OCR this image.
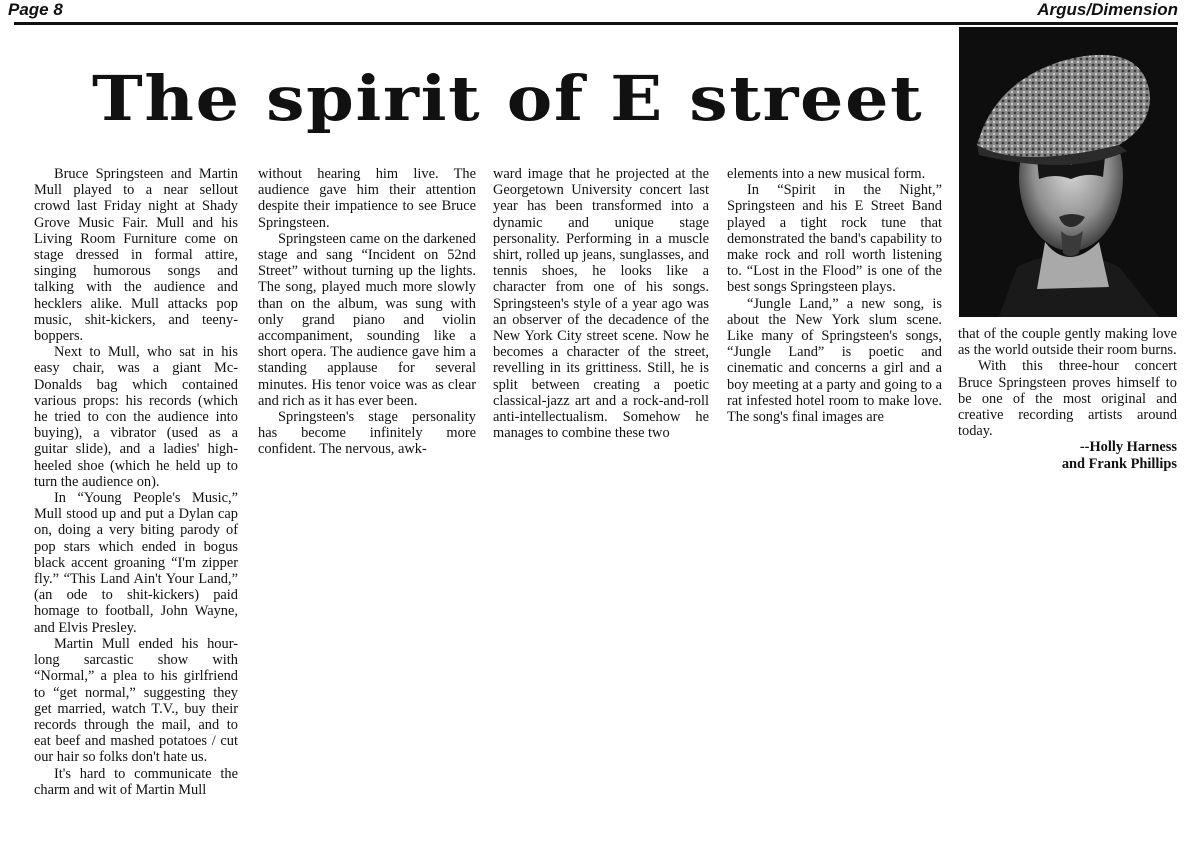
Page 8	Argus/Dimension
The spirit of E street

Bruce Springsteen and Martin Mull played to a near sellout crowd last Friday night at Shady Grove Music Fair. Mull and his Living Room Furniture come on stage dressed in formal attire, singing humorous songs and talking with the audience and hecklers alike. Mull attacks pop music, shit-kickers, and teeny-boppers.

Next to Mull, who sat in his easy chair, was a giant Mc-Donalds bag which contained various props: his records (which he tried to con the audience into buying), a vibrator (used as a guitar slide), and a ladies' high-heeled shoe (which he held up to turn the audience on).

In “Young People's Music,” Mull stood up and put a Dylan cap on, doing a very biting parody of pop stars which ended in bogus black accent groaning “I'm zipper fly.” “This Land Ain't Your Land,” (an ode to shit-kickers) paid homage to football, John Wayne, and Elvis Presley.

Martin Mull ended his hour-long sarcastic show with “Normal,” a plea to his girlfriend to “get normal,” suggesting they get married, watch T.V., buy their records through the mail, and to eat beef and mashed potatoes / cut our hair so folks don't hate us.

It's hard to communicate the charm and wit of Martin Mull

without hearing him live. The audience gave him their attention despite their impatience to see Bruce Springsteen.

Springsteen came on the darkened stage and sang “Incident on 52nd Street” without turning up the lights. The song, played much more slowly than on the album, was sung with only grand piano and violin accompaniment, sounding like a short opera. The audience gave him a standing applause for several minutes. His tenor voice was as clear and rich as it has ever been.

Springsteen's stage personality has become infinitely more confident. The nervous, awk-

ward image that he projected at the Georgetown University concert last year has been transformed into a dynamic and unique stage personality. Performing in a muscle shirt, rolled up jeans, sunglasses, and tennis shoes, he looks like a character from one of his songs. Springsteen's style of a year ago was an observer of the decadence of the New York City street scene. Now he becomes a character of the street, revelling in its grittiness. Still, he is split between creating a poetic classical-jazz art and a rock-and-roll anti-intellectualism. Somehow he manages to combine these two

elements into a new musical form.

In “Spirit in the Night,” Springsteen and his E Street Band played a tight rock tune that demonstrated the band's capability to make rock and roll worth listening to. “Lost in the Flood” is one of the best songs Springsteen plays.

“Jungle Land,” a new song, is about the New York slum scene. Like many of Springsteen's songs, “Jungle Land” is poetic and cinematic and concerns a girl and a boy meeting at a party and going to a rat infested hotel room to make love. The song's final images are

that of the couple gently making love as the world outside their room burns.

With this three-hour concert Bruce Springsteen proves himself to be one of the most original and creative recording artists around today.

--Holly Harness

and Frank Phillips
